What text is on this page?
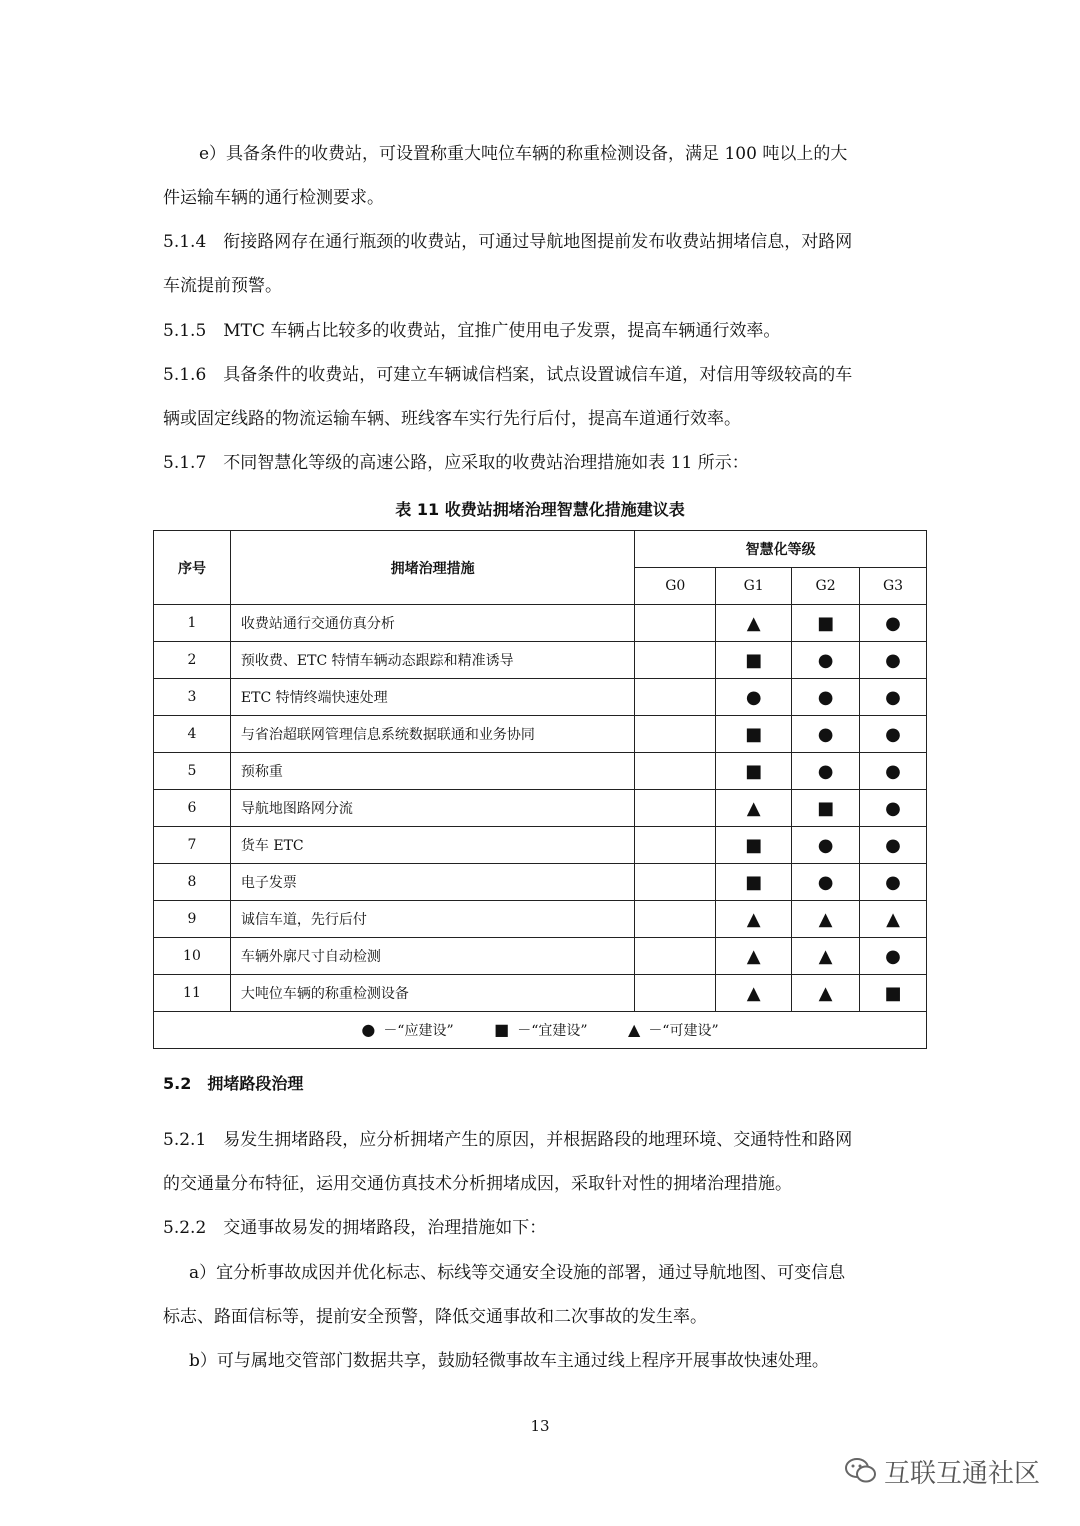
e）具备条件的收费站，可设置称重大吨位车辆的称重检测设备，满足 100 吨以上的大
件运输车辆的通行检测要求。
5.1.4　衔接路网存在通行瓶颈的收费站，可通过导航地图提前发布收费站拥堵信息，对路网
车流提前预警。
5.1.5　MTC 车辆占比较多的收费站，宜推广使用电子发票，提高车辆通行效率。
5.1.6　具备条件的收费站，可建立车辆诚信档案，试点设置诚信车道，对信用等级较高的车
辆或固定线路的物流运输车辆、班线客车实行先行后付，提高车道通行效率。
5.1.7　不同智慧化等级的高速公路，应采取的收费站治理措施如表 11 所示：
表 11 收费站拥堵治理智慧化措施建议表
序号	拥堵治理措施	智慧化等级			
		G0	G1	G2	G3
1	收费站通行交通仿真分析		▲	■	●
2	预收费、ETC 特情车辆动态跟踪和精准诱导		■	●	●
3	ETC 特情终端快速处理		●	●	●
4	与省治超联网管理信息系统数据联通和业务协同		■	●	●
5	预称重		■	●	●
6	导航地图路网分流		▲	■	●
7	货车 ETC		■	●	●
8	电子发票		■	●	●
9	诚信车道，先行后付		▲	▲	▲
10	车辆外廓尺寸自动检测		▲	▲	●
11	大吨位车辆的称重检测设备		▲	▲	■
● －“应建设” ■ －“宜建设” ▲ －“可建设”					
5.2　拥堵路段治理
5.2.1　易发生拥堵路段，应分析拥堵产生的原因，并根据路段的地理环境、交通特性和路网
的交通量分布特征，运用交通仿真技术分析拥堵成因，采取针对性的拥堵治理措施。
5.2.2　交通事故易发的拥堵路段，治理措施如下：
a）宜分析事故成因并优化标志、标线等交通安全设施的部署，通过导航地图、可变信息
标志、路面信标等，提前安全预警，降低交通事故和二次事故的发生率。
b）可与属地交管部门数据共享，鼓励轻微事故车主通过线上程序开展事故快速处理。
13
互联互通社区
